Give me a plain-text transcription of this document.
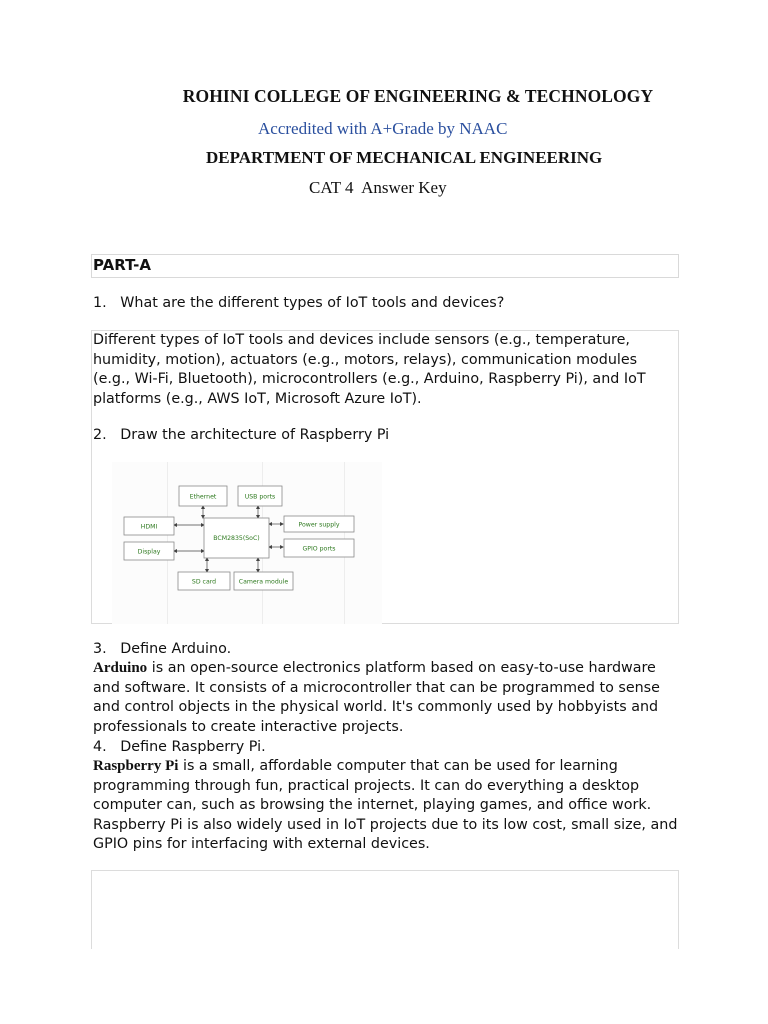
ROHINI COLLEGE OF ENGINEERING & TECHNOLOGY
Accredited with A+Grade by NAAC
DEPARTMENT OF MECHANICAL ENGINEERING
CAT 4  Answer Key
PART-A
1. What are the different types of IoT tools and devices?
Different types of IoT tools and devices include sensors (e.g., temperature, humidity, motion), actuators (e.g., motors, relays), communication modules (e.g., Wi-Fi, Bluetooth), microcontrollers (e.g., Arduino, Raspberry Pi), and IoT platforms (e.g., AWS IoT, Microsoft Azure IoT).
2. Draw the architecture of Raspberry Pi
Ethernet	USB ports
HDMI
Display
BCM2835(SoC)
Power supply
GPIO ports
SD card	Camera module
3. Define Arduino.
Arduino is an open-source electronics platform based on easy-to-use hardware and software. It consists of a microcontroller that can be programmed to sense and control objects in the physical world. It's commonly used by hobbyists and professionals to create interactive projects.
4. Define Raspberry Pi.
Raspberry Pi is a small, affordable computer that can be used for learning programming through fun, practical projects. It can do everything a desktop computer can, such as browsing the internet, playing games, and office work. Raspberry Pi is also widely used in IoT projects due to its low cost, small size, and GPIO pins for interfacing with external devices.
